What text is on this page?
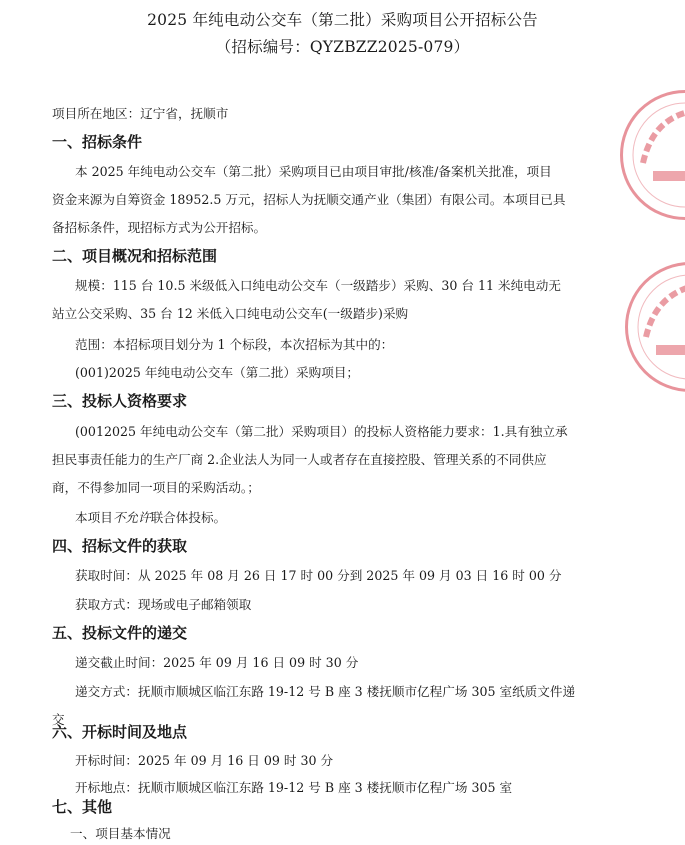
2025 年纯电动公交车（第二批）采购项目公开招标公告
（招标编号：QYZBZZ2025-079）
项目所在地区：辽宁省，抚顺市
一、招标条件
本 2025 年纯电动公交车（第二批）采购项目已由项目审批/核准/备案机关批准，项目
资金来源为自筹资金 18952.5 万元，招标人为抚顺交通产业（集团）有限公司。本项目已具
备招标条件，现招标方式为公开招标。
二、项目概况和招标范围
规模：115 台 10.5 米级低入口纯电动公交车（一级踏步）采购、30 台 11 米纯电动无
站立公交采购、35 台 12 米低入口纯电动公交车(一级踏步)采购
范围：本招标项目划分为 1 个标段，本次招标为其中的：
(001)2025 年纯电动公交车（第二批）采购项目；
三、投标人资格要求
(0012025 年纯电动公交车（第二批）采购项目）的投标人资格能力要求：1.具有独立承
担民事责任能力的生产厂商 2.企业法人为同一人或者存在直接控股、管理关系的不同供应
商，不得参加同一项目的采购活动。；
本项目不允许联合体投标。
四、招标文件的获取
获取时间：从 2025 年 08 月 26 日 17 时 00 分到 2025 年 09 月 03 日 16 时 00 分
获取方式：现场或电子邮箱领取
五、投标文件的递交
递交截止时间：2025 年 09 月 16 日 09 时 30 分
递交方式：抚顺市顺城区临江东路 19-12 号 B 座 3 楼抚顺市亿程广场 305 室纸质文件递
交
六、开标时间及地点
开标时间：2025 年 09 月 16 日 09 时 30 分
开标地点：抚顺市顺城区临江东路 19-12 号 B 座 3 楼抚顺市亿程广场 305 室
七、其他
一、项目基本情况
